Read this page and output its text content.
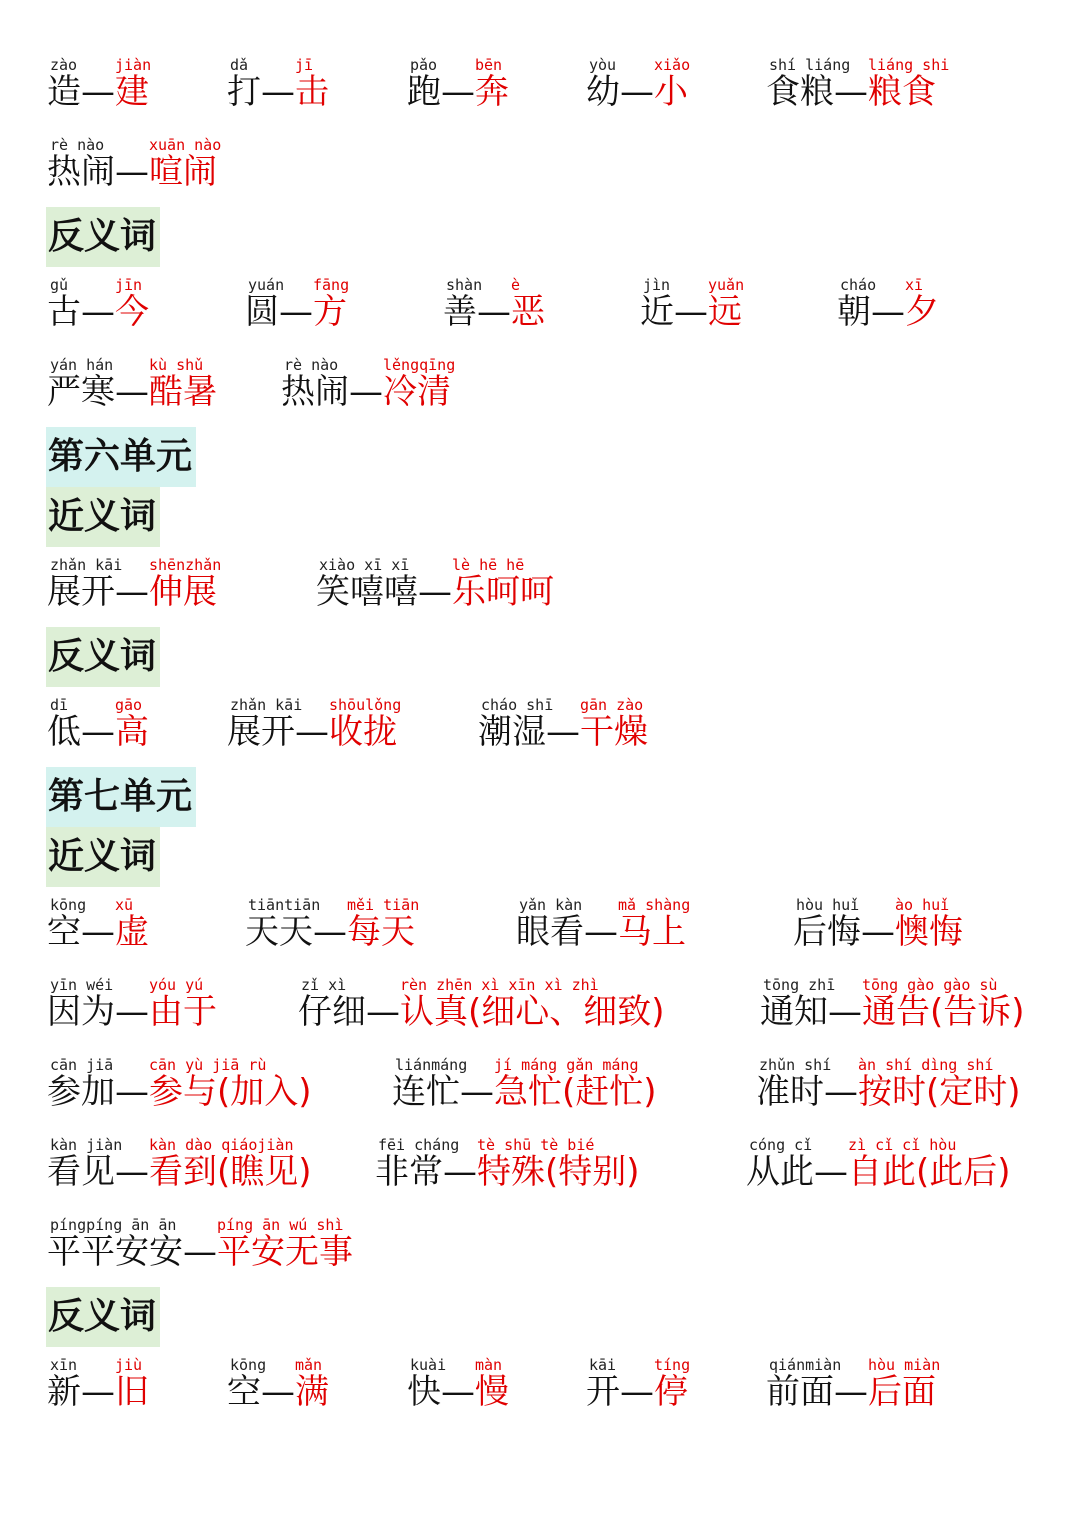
zào	jiàn
造—建
dǎ	jī
打—击
pǎo	bēn
跑—奔
yòu	xiǎo
幼—小
shí liáng liáng shi
食粮—粮食
rè nào	xuān nào
热闹—喧闹
反义词
gǔ	jīn
古—今
yuán fāng
圆—方
shàn è
善—恶
jìn	yuǎn
近—远
cháo xī
朝—夕
yán hán kù shǔ
严寒—酷暑
rè nào	lěngqīng
热闹—冷清
第六单元
近义词
zhǎn kāi shēnzhǎn
展开—伸展
xiào xī xī	lè hē hē
笑嘻嘻—乐呵呵
反义词
dī	gāo
低—高
zhǎn kāi shōulǒng
展开—收拢
cháo shī gān zào
潮湿—干燥
第七单元
近义词
kōng xū
空—虚
tiāntiān měi tiān
天天—每天
yǎn kàn mǎ shàng
眼看—马上
hòu huǐ ào huǐ
后悔—懊悔
yīn wéi yóu yú
因为—由于
zǐ xì	rèn zhēn xì xīn xì zhì
仔细—认真(细心、细致)
tōng zhī tōng gào gào sù
通知—通告(告诉)
cān jiā cān yù jiā rù
参加—参与(加入)
liánmáng jí máng gǎn máng
连忙—急忙(赶忙)
zhǔn shí àn shí dìng shí
准时—按时(定时)
kàn jiàn kàn dào qiáojiàn
看见—看到(瞧见)
fēi cháng tè shū tè bié
非常—特殊(特别)
cóng cǐ zì cǐ cǐ hòu
从此—自此(此后)
píngpíng ān ān	píng ān wú shì
平平安安—平安无事
反义词
xīn	jiù
新—旧
kōng mǎn
空—满
kuài màn
快—慢
kāi	tíng
开—停
qiánmiàn hòu miàn
前面—后面
